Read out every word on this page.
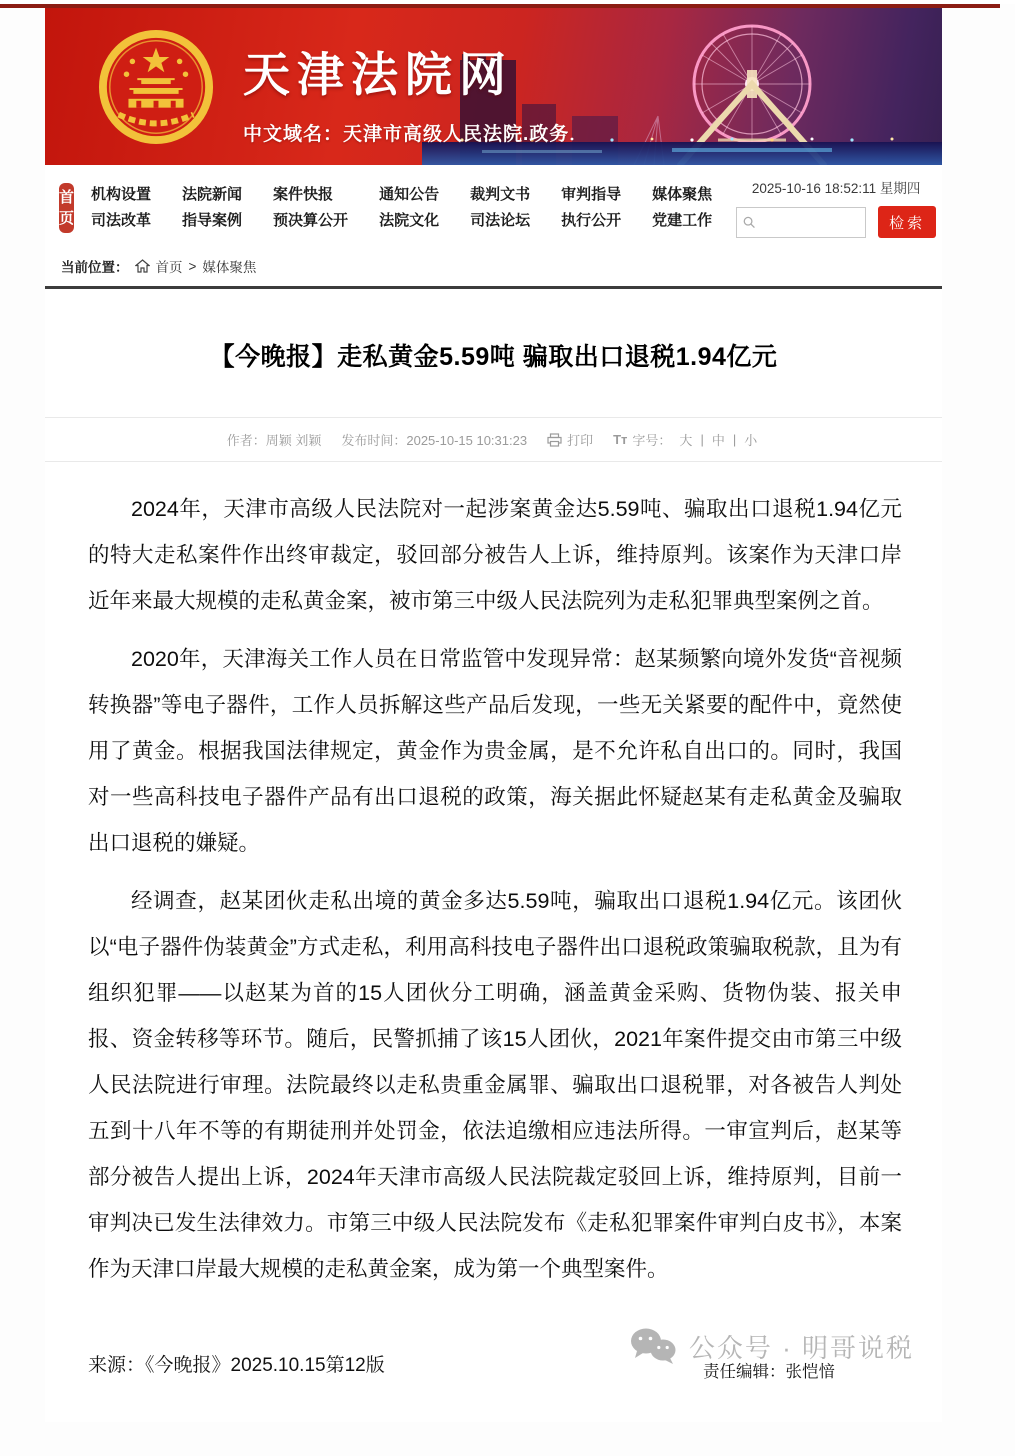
天津法院网
中文域名：天津市高级人民法院.政务
首页
机构设置
司法改革
法院新闻
指导案例
案件快报
预决算公开
通知公告
法院文化
裁判文书
司法论坛
审判指导
执行公开
媒体聚焦
党建工作
2025-10-16 18:52:11 星期四
检索
当前位置： 首页 > 媒体聚焦
【今晚报】走私黄金5.59吨 骗取出口退税1.94亿元
作者：周颖 刘颖 发布时间：2025-10-15 10:31:23	打印 Tт 字号： 大 | 中 | 小

2024年，天津市高级人民法院对一起涉案黄金达5.59吨、骗取出口退税1.94亿元的特大走私案件作出终审裁定，驳回部分被告人上诉，维持原判。该案作为天津口岸近年来最大规模的走私黄金案，被市第三中级人民法院列为走私犯罪典型案例之首。

2020年，天津海关工作人员在日常监管中发现异常：赵某频繁向境外发货“音视频转换器”等电子器件，工作人员拆解这些产品后发现，一些无关紧要的配件中，竟然使用了黄金。根据我国法律规定，黄金作为贵金属，是不允许私自出口的。同时，我国对一些高科技电子器件产品有出口退税的政策，海关据此怀疑赵某有走私黄金及骗取出口退税的嫌疑。

经调查，赵某团伙走私出境的黄金多达5.59吨，骗取出口退税1.94亿元。该团伙以“电子器件伪装黄金”方式走私，利用高科技电子器件出口退税政策骗取税款，且为有组织犯罪——以赵某为首的15人团伙分工明确，涵盖黄金采购、货物伪装、报关申报、资金转移等环节。随后，民警抓捕了该15人团伙，2021年案件提交由市第三中级人民法院进行审理。法院最终以走私贵重金属罪、骗取出口退税罪，对各被告人判处五到十八年不等的有期徒刑并处罚金，依法追缴相应违法所得。一审宣判后，赵某等部分被告人提出上诉，2024年天津市高级人民法院裁定驳回上诉，维持原判，目前一审判决已发生法律效力。市第三中级人民法院发布《走私犯罪案件审判白皮书》，本案作为天津口岸最大规模的走私黄金案，成为第一个典型案件。

来源：《今晚报》2025.10.15第12版
公众号 · 明哥说税
责任编辑：张恺愔
